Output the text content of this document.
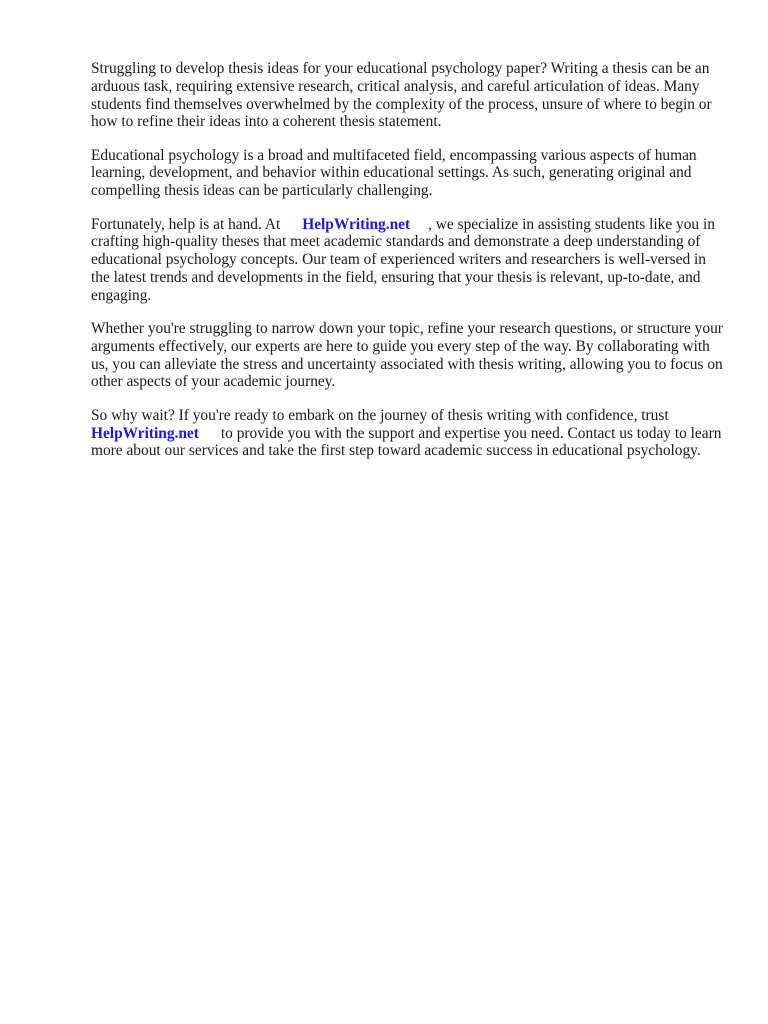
Struggling to develop thesis ideas for your educational psychology paper? Writing a thesis can be an arduous task, requiring extensive research, critical analysis, and careful articulation of ideas. Many students find themselves overwhelmed by the complexity of the process, unsure of where to begin or how to refine their ideas into a coherent thesis statement.

Educational psychology is a broad and multifaceted field, encompassing various aspects of human learning, development, and behavior within educational settings. As such, generating original and compelling thesis ideas can be particularly challenging.

Fortunately, help is at hand. At HelpWriting.net , we specialize in assisting students like you in crafting high-quality theses that meet academic standards and demonstrate a deep understanding of educational psychology concepts. Our team of experienced writers and researchers is well-versed in the latest trends and developments in the field, ensuring that your thesis is relevant, up-to-date, and engaging.

Whether you're struggling to narrow down your topic, refine your research questions, or structure your arguments effectively, our experts are here to guide you every step of the way. By collaborating with us, you can alleviate the stress and uncertainty associated with thesis writing, allowing you to focus on other aspects of your academic journey.

So why wait? If you're ready to embark on the journey of thesis writing with confidence, trust
HelpWriting.net to provide you with the support and expertise you need. Contact us today to learn more about our services and take the first step toward academic success in educational psychology.
